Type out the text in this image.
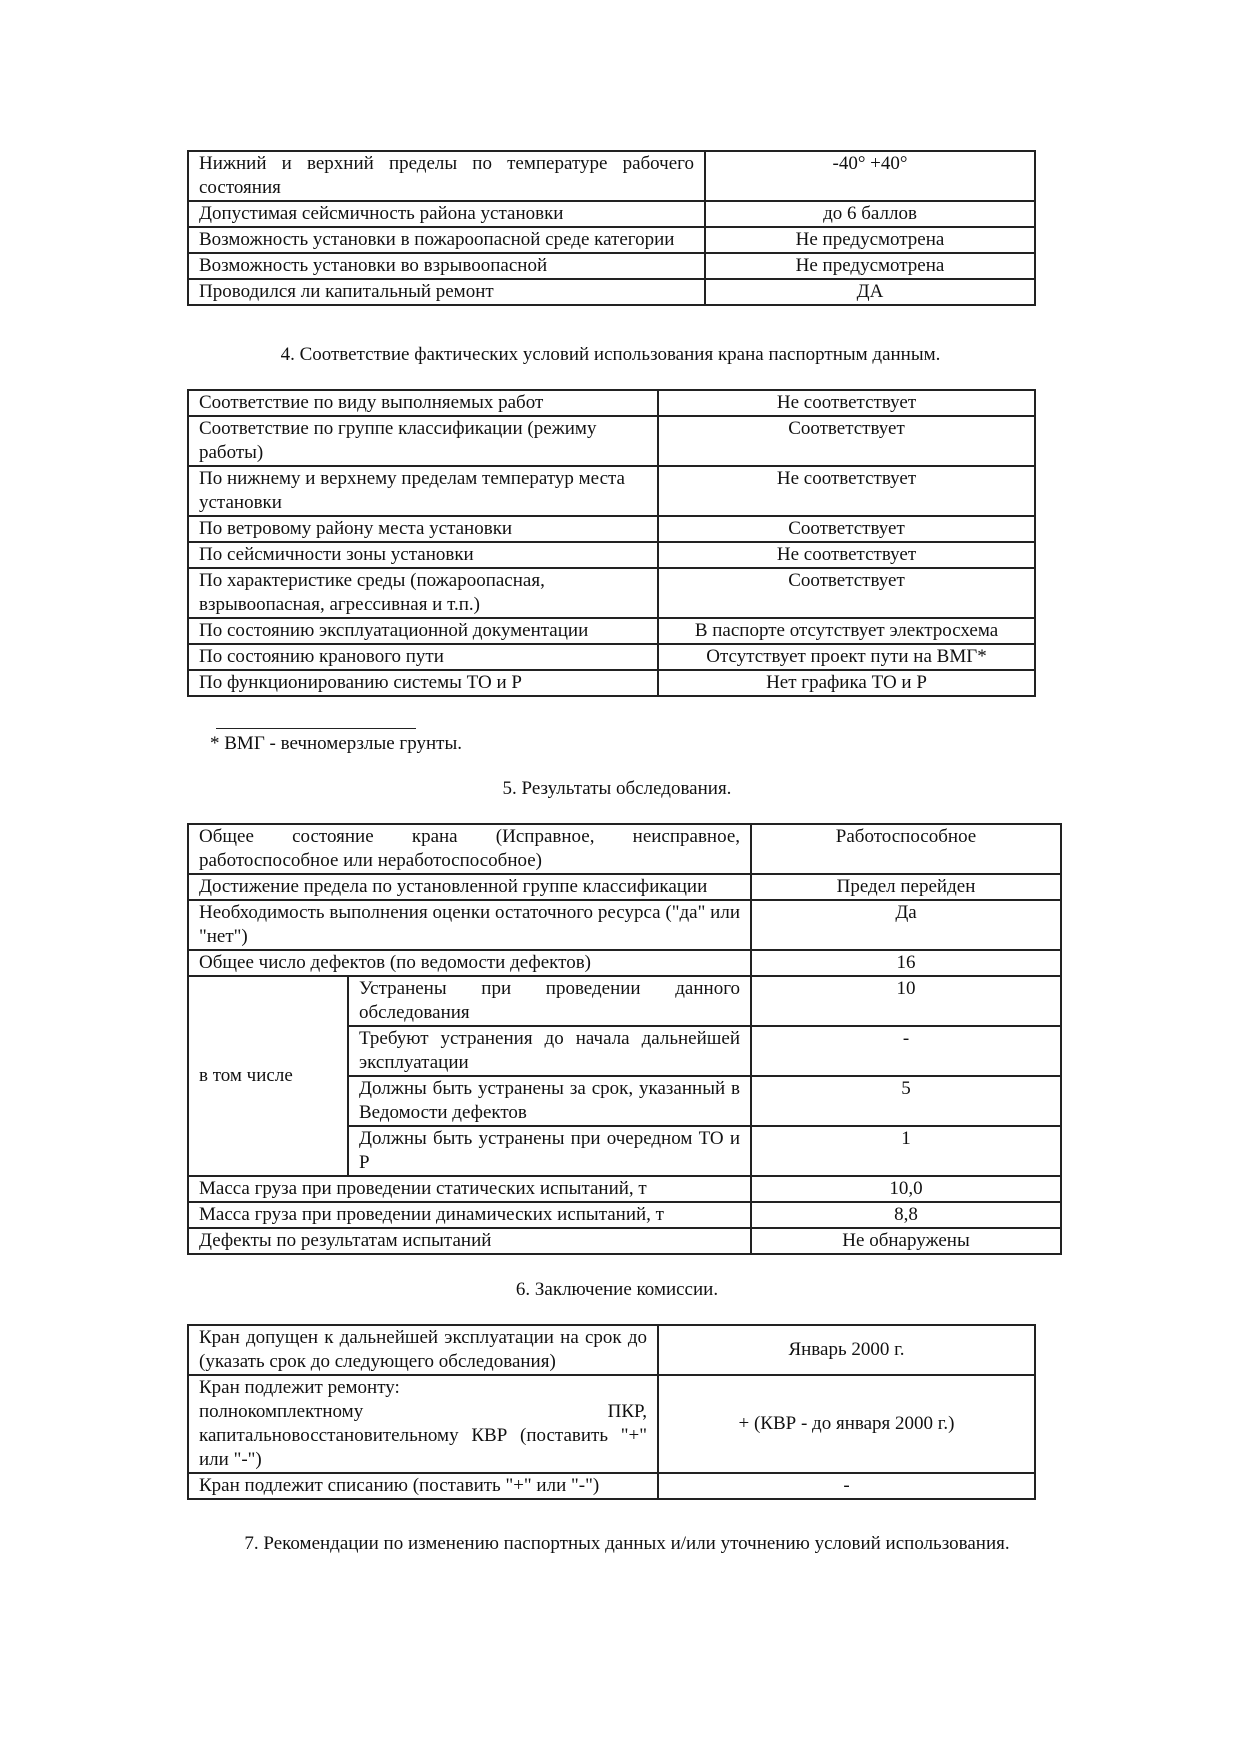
Нижний и верхний пределы по температуре рабочего состояния	-40° +40°
Допустимая сейсмичность района установки	до 6 баллов
Возможность установки в пожароопасной среде категории	Не предусмотрена
Возможность установки во взрывоопасной	Не предусмотрена
Проводился ли капитальный ремонт	ДА

4. Соответствие фактических условий использования крана паспортным данным.

Соответствие по виду выполняемых работ	Не соответствует
Соответствие по группе классификации (режиму работы)	Соответствует
По нижнему и верхнему пределам температур места установки	Не соответствует
По ветровому району места установки	Соответствует
По сейсмичности зоны установки	Не соответствует
По характеристике среды (пожароопасная, взрывоопасная, агрессивная и т.п.)	Соответствует
По состоянию эксплуатационной документации	В паспорте отсутствует электросхема
По состоянию кранового пути	Отсутствует проект пути на ВМГ*
По функционированию системы ТО и Р	Нет графика ТО и Р

* ВМГ - вечномерзлые грунты.

5. Результаты обследования.

Общее состояние крана (Исправное, неисправное, работоспособное или неработоспособное)		Работоспособное
Достижение предела по установленной группе классификации		Предел перейден
Необходимость выполнения оценки остаточного ресурса ("да" или "нет")		Да
Общее число дефектов (по ведомости дефектов)		16
в том числе	Устранены при проведении данного обследования	10
	Требуют устранения до начала дальнейшей эксплуатации	-
	Должны быть устранены за срок, указанный в Ведомости дефектов	5
	Должны быть устранены при очередном ТО и Р	1
Масса груза при проведении статических испытаний, т		10,0
Масса груза при проведении динамических испытаний, т		8,8
Дефекты по результатам испытаний		Не обнаружены

6. Заключение комиссии.

Кран допущен к дальнейшей эксплуатации на срок до (указать срок до следующего обследования)	Январь 2000 г.
Кран подлежит ремонту:
полнокомплектному ПКР, капитальновосстановительному КВР (поставить "+" или "-")	+ (КВР - до января 2000 г.)
Кран подлежит списанию (поставить "+" или "-")	-

7. Рекомендации по изменению паспортных данных и/или уточнению условий использования.
